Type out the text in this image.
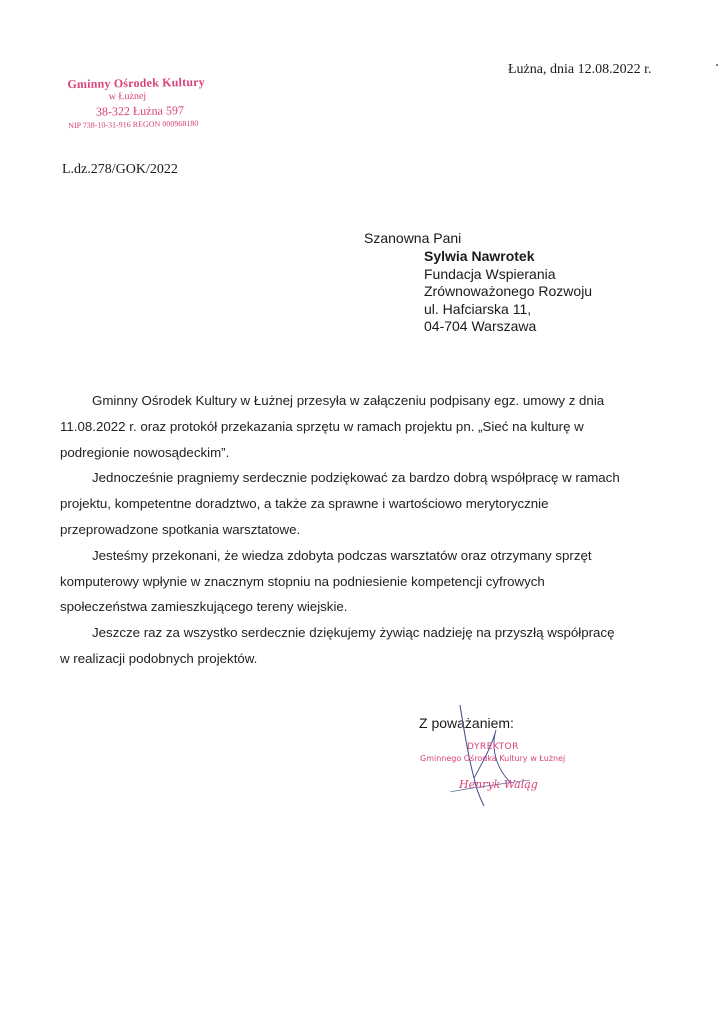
Gminny Ośrodek Kultury
w Łużnej
38-322 Łużna 597
NIP 738-10-31-916 REGON 000968180
Łużna, dnia 12.08.2022 r.
L.dz.278/GOK/2022
Szanowna Pani
Sylwia Nawrotek
Fundacja Wspierania
Zrównoważonego Rozwoju
ul. Hafciarska 11,
04-704 Warszawa

Gminny Ośrodek Kultury w Łużnej przesyła w załączeniu podpisany egz. umowy z dnia 11.08.2022 r. oraz protokół przekazania sprzętu w ramach projektu pn. „Sieć na kulturę w podregionie nowosądeckim”.

Jednocześnie pragniemy serdecznie podziękować za bardzo dobrą współpracę w ramach projektu, kompetentne doradztwo, a także za sprawne i wartościowo merytorycznie przeprowadzone spotkania warsztatowe.

Jesteśmy przekonani, że wiedza zdobyta podczas warsztatów oraz otrzymany sprzęt komputerowy wpłynie w znacznym stopniu na podniesienie kompetencji cyfrowych społeczeństwa zamieszkującego tereny wiejskie.

Jeszcze raz za wszystko serdecznie dziękujemy żywiąc nadzieję na przyszłą współpracę w realizacji podobnych projektów.

Z poważaniem:
DYREKTOR
Gminnego Ośrodka Kultury w Łużnej
Henryk Waląg
